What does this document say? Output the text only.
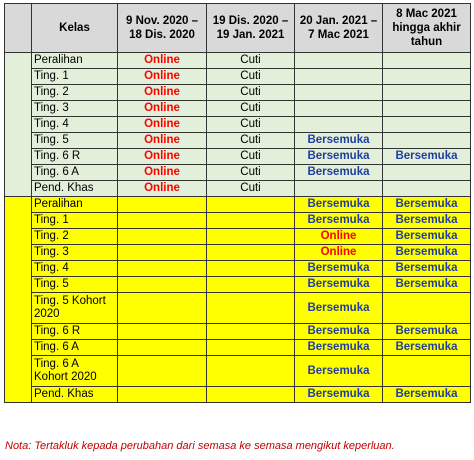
	Kelas	9 Nov. 2020 – 18 Dis. 2020	19 Dis. 2020 – 19 Jan. 2021	20 Jan. 2021 – 7 Mac 2021	8 Mac 2021 hingga akhir tahun
	Peralihan	Online	Cuti		
	Ting. 1	Online	Cuti		
	Ting. 2	Online	Cuti		
	Ting. 3	Online	Cuti		
	Ting. 4	Online	Cuti		
	Ting. 5	Online	Cuti	Bersemuka	
	Ting. 6 R	Online	Cuti	Bersemuka	Bersemuka
	Ting. 6 A	Online	Cuti	Bersemuka	
	Pend. Khas	Online	Cuti		
	Peralihan			Bersemuka	Bersemuka
	Ting. 1			Bersemuka	Bersemuka
	Ting. 2			Online	Bersemuka
	Ting. 3			Online	Bersemuka
	Ting. 4			Bersemuka	Bersemuka
	Ting. 5			Bersemuka	Bersemuka
	Ting. 5 Kohort 2020			Bersemuka	
	Ting. 6 R			Bersemuka	Bersemuka
	Ting. 6 A			Bersemuka	Bersemuka
	Ting. 6 A Kohort 2020			Bersemuka	
	Pend. Khas			Bersemuka	Bersemuka

Nota: Tertakluk kepada perubahan dari semasa ke semasa mengikut keperluan.
